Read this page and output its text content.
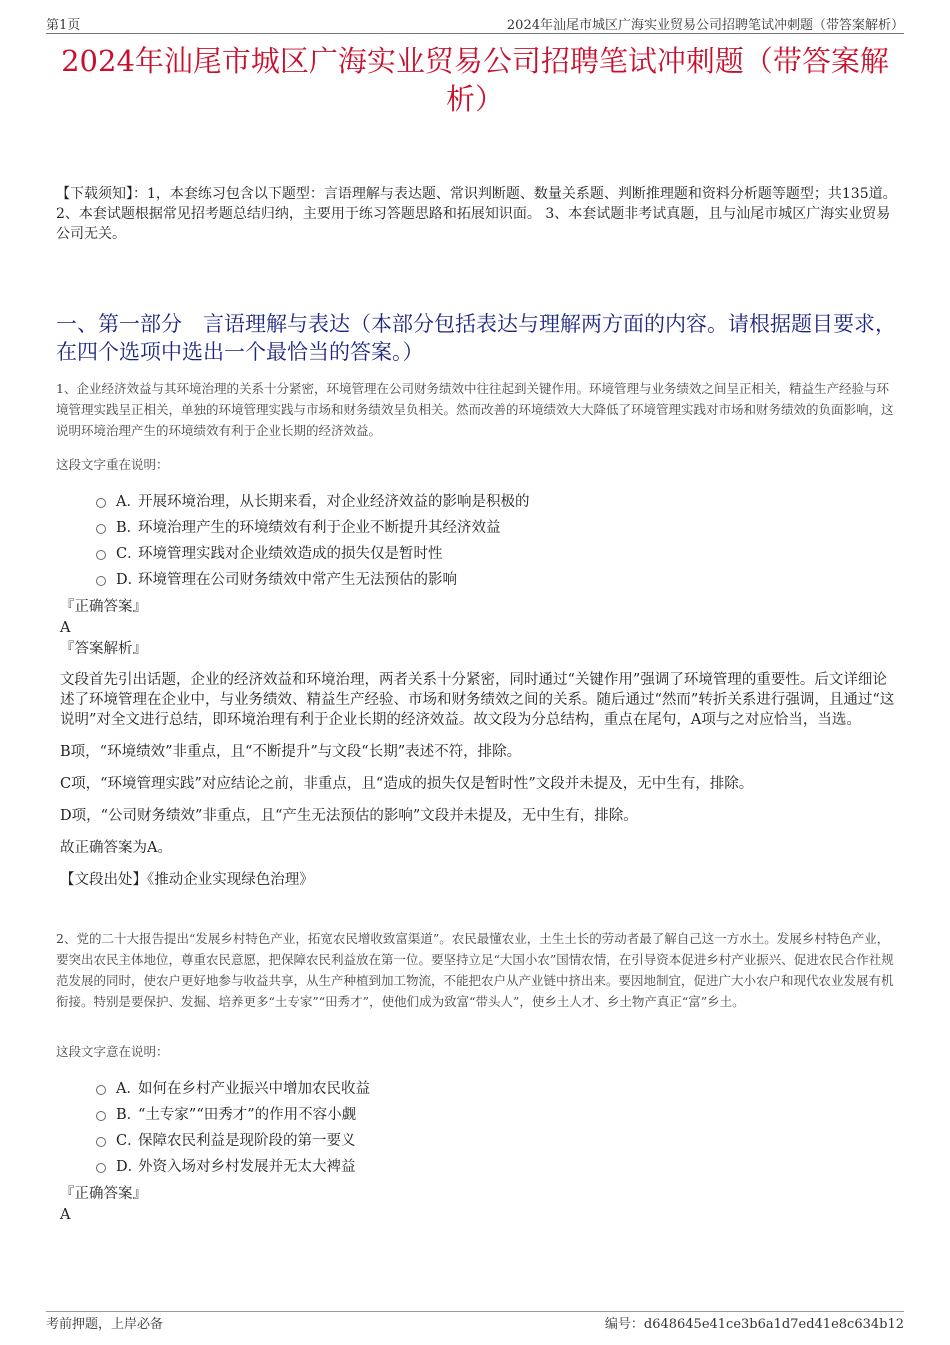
第1页	2024年汕尾市城区广海实业贸易公司招聘笔试冲刺题（带答案解析）
2024年汕尾市城区广海实业贸易公司招聘笔试冲刺题（带答案解析）
【下载须知】：1，本套练习包含以下题型：言语理解与表达题、常识判断题、数量关系题、判断推理题和资料分析题等题型；共135道。 2、本套试题根据常见招考题总结归纳，主要用于练习答题思路和拓展知识面。 3、本套试题非考试真题，且与汕尾市城区广海实业贸易公司无关。
一、第一部分　言语理解与表达（本部分包括表达与理解两方面的内容。请根据题目要求，在四个选项中选出一个最恰当的答案。）
1、企业经济效益与其环境治理的关系十分紧密，环境管理在公司财务绩效中往往起到关键作用。环境管理与业务绩效之间呈正相关，精益生产经验与环境管理实践呈正相关，单独的环境管理实践与市场和财务绩效呈负相关。然而改善的环境绩效大大降低了环境管理实践对市场和财务绩效的负面影响，这说明环境治理产生的环境绩效有利于企业长期的经济效益。
这段文字重在说明：
A．
开展环境治理，从长期来看，对企业经济效益的影响是积极的
B．
环境治理产生的环境绩效有利于企业不断提升其经济效益
C．
环境管理实践对企业绩效造成的损失仅是暂时性
D．
环境管理在公司财务绩效中常产生无法预估的影响

『正确答案』

A

『答案解析』

文段首先引出话题，企业的经济效益和环境治理，两者关系十分紧密，同时通过“关键作用”强调了环境管理的重要性。后文详细论述了环境管理在企业中，与业务绩效、精益生产经验、市场和财务绩效之间的关系。随后通过“然而”转折关系进行强调，且通过“这说明”对全文进行总结，即环境治理有利于企业长期的经济效益。故文段为分总结构，重点在尾句，A项与之对应恰当，当选。

B项，“环境绩效”非重点，且“不断提升”与文段“长期”表述不符，排除。

C项，“环境管理实践”对应结论之前，非重点，且“造成的损失仅是暂时性”文段并未提及，无中生有，排除。

D项，“公司财务绩效”非重点，且“产生无法预估的影响”文段并未提及，无中生有，排除。

故正确答案为A。

【文段出处】《推动企业实现绿色治理》

2、党的二十大报告提出“发展乡村特色产业，拓宽农民增收致富渠道”。农民最懂农业，土生土长的劳动者最了解自己这一方水土。发展乡村特色产业，要突出农民主体地位，尊重农民意愿，把保障农民利益放在第一位。要坚持立足“大国小农”国情农情，在引导资本促进乡村产业振兴、促进农民合作社规范发展的同时，使农户更好地参与收益共享，从生产种植到加工物流，不能把农户从产业链中挤出来。要因地制宜，促进广大小农户和现代农业发展有机衔接。特别是要保护、发掘、培养更多“土专家”“田秀才”，使他们成为致富“带头人”，使乡土人才、乡土物产真正“富”乡土。
这段文字意在说明：
A．
如何在乡村产业振兴中增加农民收益
B．
“土专家”“田秀才”的作用不容小觑
C．
保障农民利益是现阶段的第一要义
D．
外资入场对乡村发展并无太大裨益

『正确答案』

A

考前押题，上岸必备	编号：d648645e41ce3b6a1d7ed41e8c634b12
